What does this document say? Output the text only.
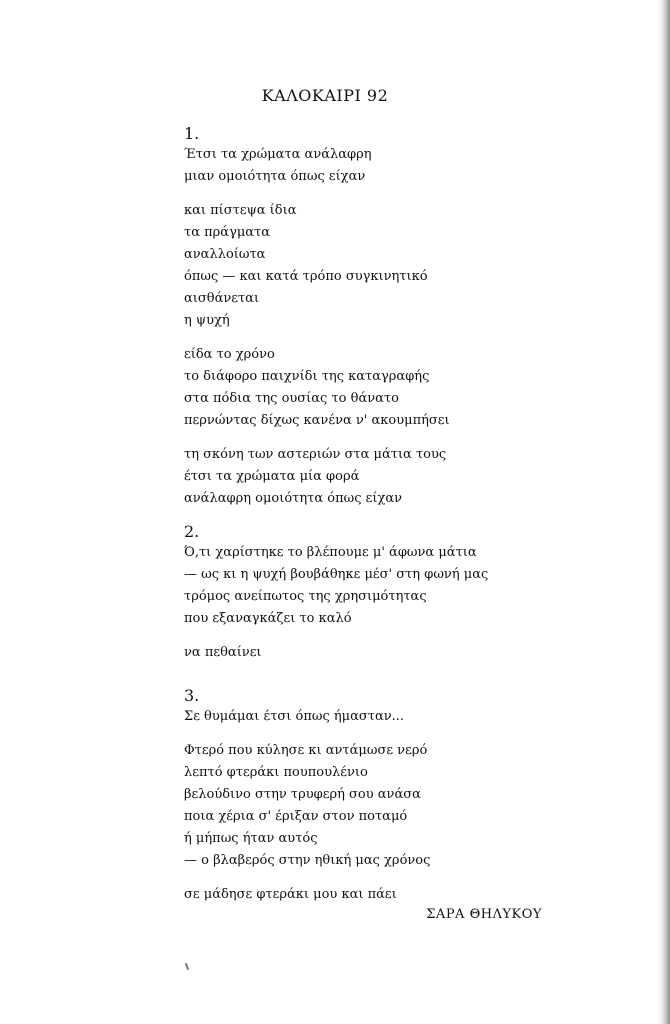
ΚΑΛΟΚΑΙΡΙ 92
1.
Έτσι τα χρώματα ανάλαφρη
μιαν ομοιότητα όπως είχαν
και πίστεψα ίδια
τα πράγματα
αναλλοίωτα
όπως — και κατά τρόπο συγκινητικό
αισθάνεται
η ψυχή
είδα το χρόνο
το διάφορο παιχνίδι της καταγραφής
στα πόδια της ουσίας το θάνατο
περνώντας δίχως κανένα ν' ακουμπήσει
τη σκόνη των αστεριών στα μάτια τους
έτσι τα χρώματα μία φορά
ανάλαφρη ομοιότητα όπως είχαν
2.
Ό,τι χαρίστηκε το βλέπουμε μ' άφωνα μάτια
— ως κι η ψυχή βουβάθηκε μέσ' στη φωνή μας
τρόμος ανείπωτος της χρησιμότητας
που εξαναγκάζει το καλό
να πεθαίνει
3.
Σε θυμάμαι έτσι όπως ήμασταν...
Φτερό που κύλησε κι αντάμωσε νερό
λεπτό φτεράκι πουπουλένιο
βελούδινο στην τρυφερή σου ανάσα
ποια χέρια σ' έριξαν στον ποταμό
ή μήπως ήταν αυτός
— ο βλαβερός στην ηθική μας χρόνος
σε μάδησε φτεράκι μου και πάει
ΣΑΡΑ ΘΗΛΥΚΟΥ
